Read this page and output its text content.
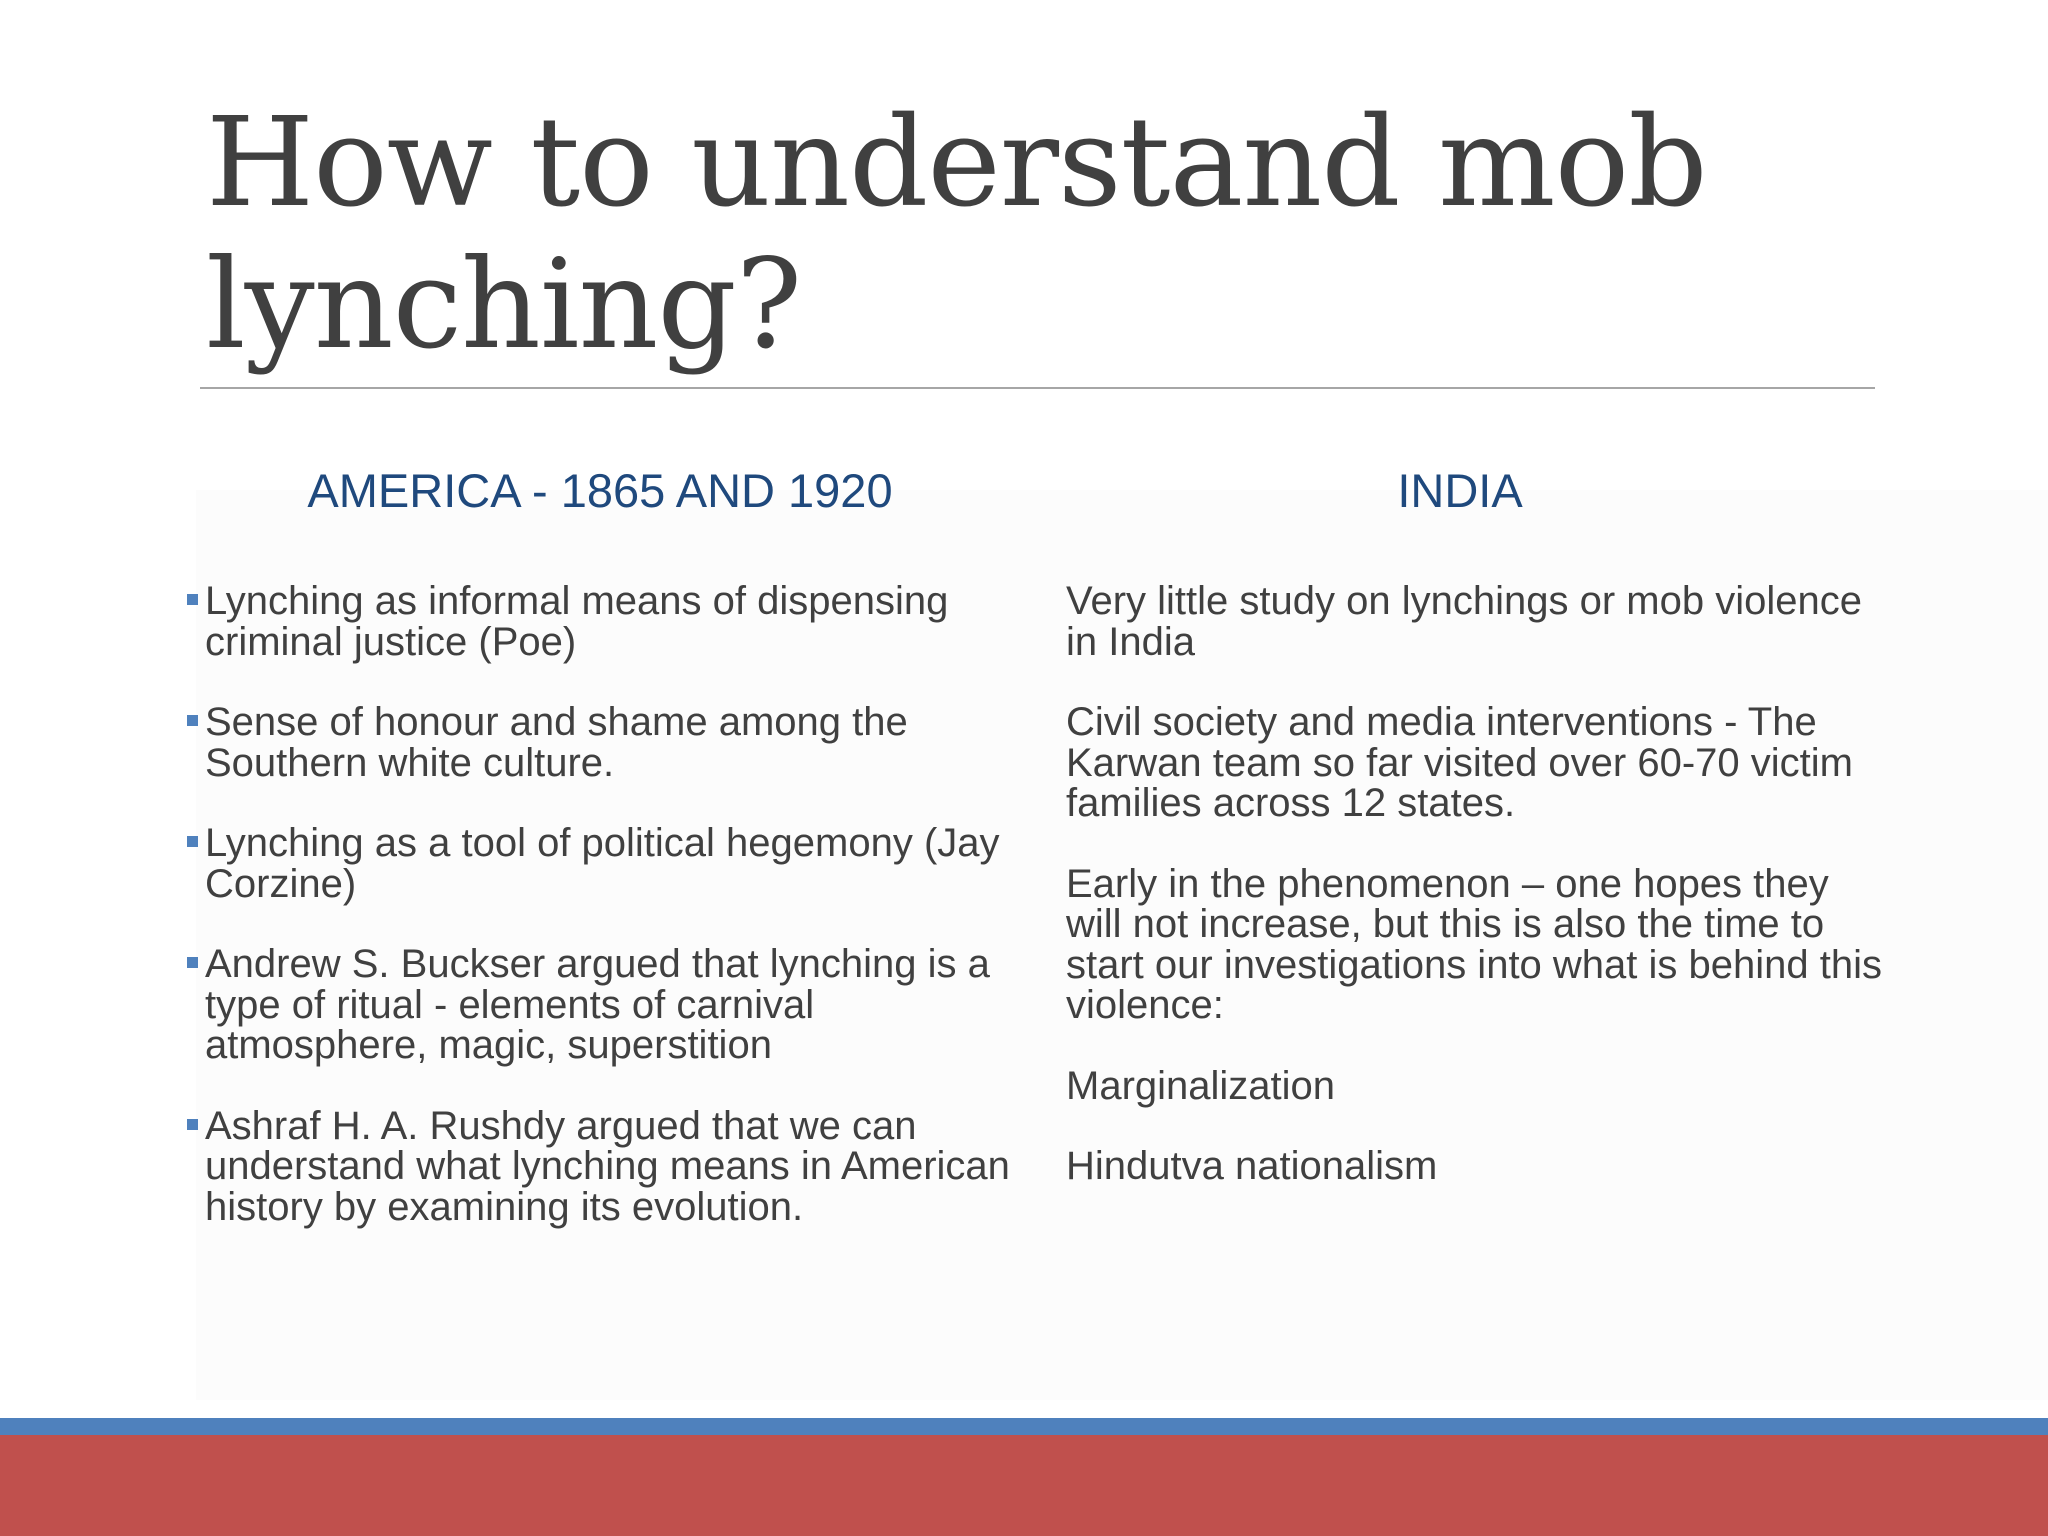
How to understand mob
lynching?
AMERICA - 1865 AND 1920	INDIA
Lynching as informal means of dispensing criminal justice (Poe)
Sense of honour and shame among the Southern white culture.
Lynching as a tool of political hegemony (Jay Corzine)
Andrew S. Buckser argued that lynching is a type of ritual - elements of carnival atmosphere, magic, superstition
Ashraf H. A. Rushdy argued that we can understand what lynching means in American history by examining its evolution.
Very little study on lynchings or mob violence in India
Civil society and media interventions - The Karwan team so far visited over 60-70 victim families across 12 states.
Early in the phenomenon – one hopes they will not increase, but this is also the time to start our investigations into what is behind this violence:
Marginalization
Hindutva nationalism
